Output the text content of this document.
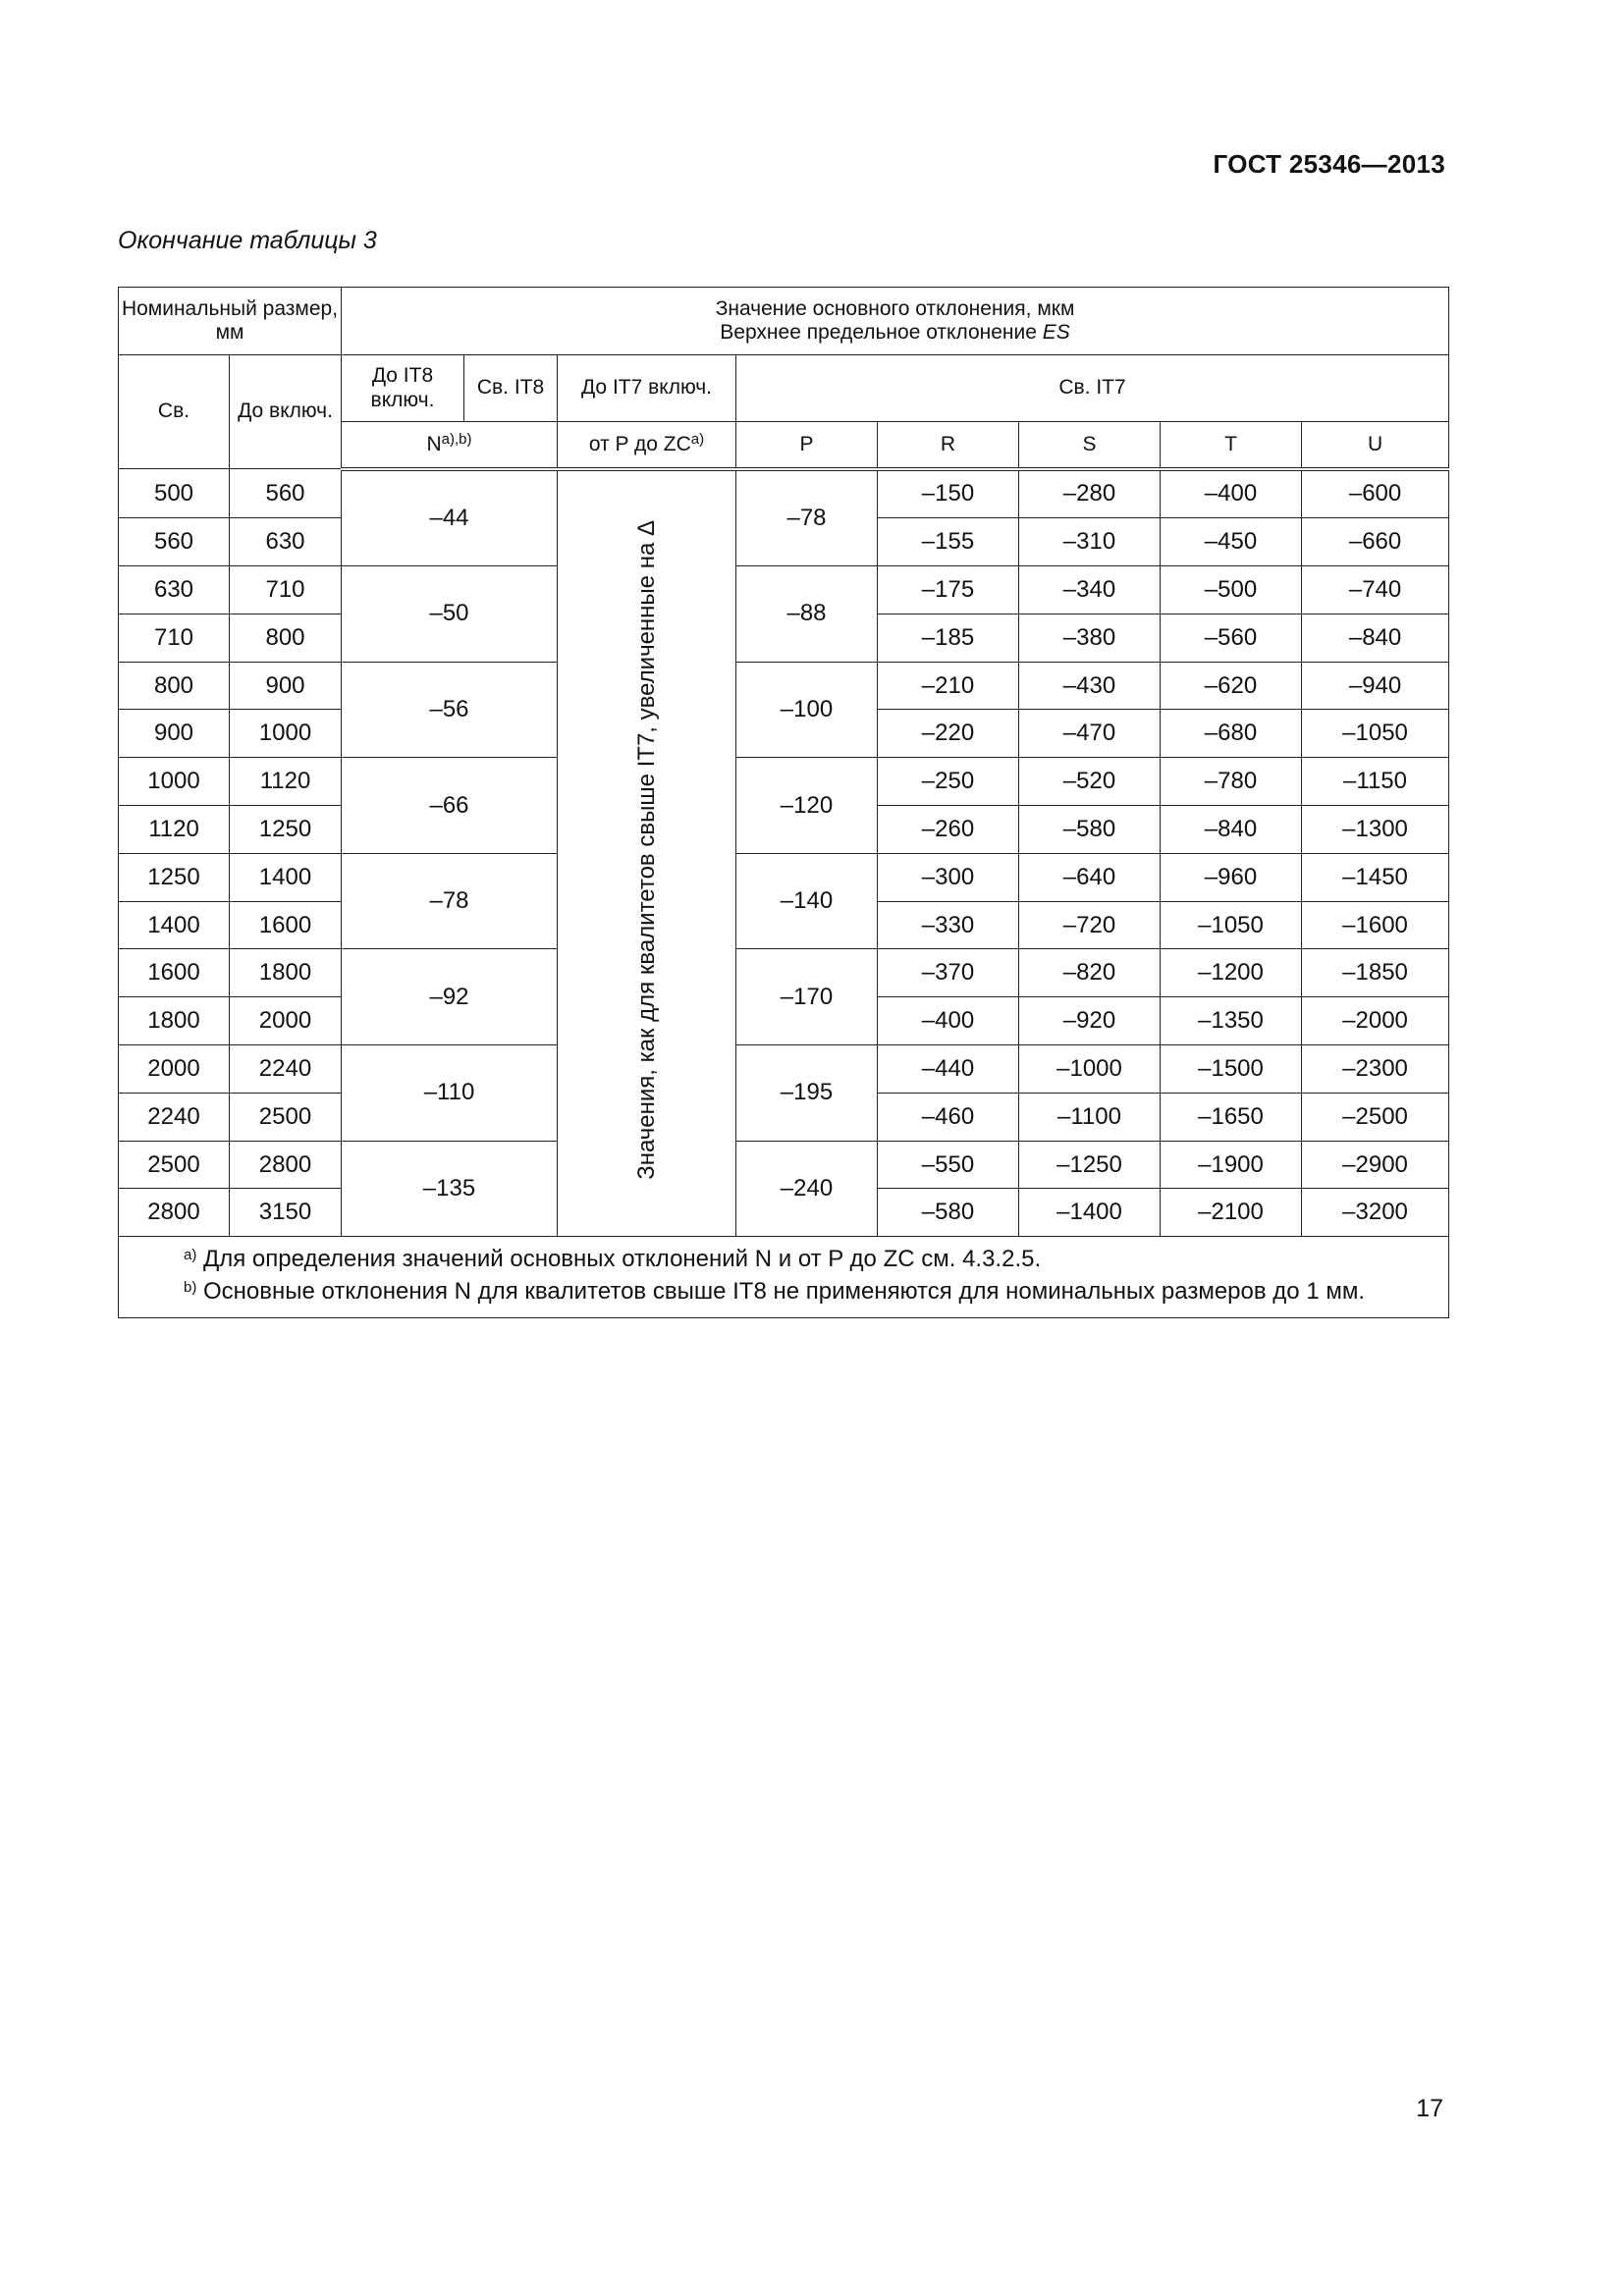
ГОСТ 25346—2013
Окончание таблицы 3
Номинальный размер, мм		Значение основного отклонения, мкм
Верхнее предельное отклонение ES							
Св.	До включ.	До IT8 включ.	Св. IT8	До IT7 включ.	Св. IT7				
		$N^{a),b)}$		от P до ZC$^{a)}$	P	R	S	T	U
500	560	–44		Значения, как для квалитетов свыше IT7, увеличенные на Δ	–78	–150	–280	–400	–600
560	630					–155	–310	–450	–660
630	710	–50			–88	–175	–340	–500	–740
710	800					–185	–380	–560	–840
800	900	–56			–100	–210	–430	–620	–940
900	1000					–220	–470	–680	–1050
1000	1120	–66			–120	–250	–520	–780	–1150
1120	1250					–260	–580	–840	–1300
1250	1400	–78			–140	–300	–640	–960	–1450
1400	1600					–330	–720	–1050	–1600
1600	1800	–92			–170	–370	–820	–1200	–1850
1800	2000					–400	–920	–1350	–2000
2000	2240	–110			–195	–440	–1000	–1500	–2300
2240	2500					–460	–1100	–1650	–2500
2500	2800	–135			–240	–550	–1250	–1900	–2900
2800	3150					–580	–1400	–2100	–3200

$^{a)}$ Для определения значений основных отклонений N и от P до ZC см. 4.3.2.5.
$^{b)}$ Основные отклонения N для квалитетов свыше IT8 не применяются для номинальных размеров до 1 мм.									
17
